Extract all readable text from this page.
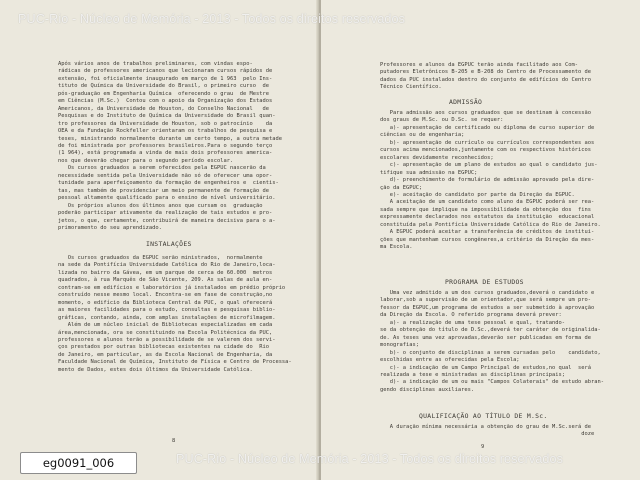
Após vários anos de trabalhos preliminares, com vindas espo-
rádicas de professores americanos que lecionaram cursos rápidos de
extensão, foi oficialmente inaugurado em março de 1 963  pelo Ins-
tituto de Química da Universidade do Brasil, o primeiro curso  de
pós-graduação em Engenharia Química  oferecendo o grau  de Mestre
em Ciências (M.Sc.)  Contou com o apoio da Organização dos Estados
Americanos, da Universidade de Houston, do Conselho Nacional   de
Pesquisas e do Instituto de Química da Universidade do Brasil quan-
tro professores da Universidade de Houston, sob o patrocínio    da
OEA e da Fundação Rockfeller orientaram os trabalhos de pesquisa e
teses, ministrando normalmente durante um certo tempo, a outra metade
de foi ministrada por professores brasileiros.Para o segundo terço
(1 964), está programada a vinda de mais dois professores america-
nos que deverão chegar para o segundo período escolar.
Os cursos graduados a serem oferecidos pela EGPUC nascerão da
necessidade sentida pela Universidade não só de oferecer uma opor-
tunidade para aperfeiçoamento da formação de engenheiros e  cientis-
tas, mas também de providenciar um meio permanente de formação de
pessoal altamente qualificado para o ensino de nível universitário.
Os próprios alunos dos últimos anos que cursam os  graduação
poderão participar ativamente da realização de tais estudos e pro-
jetos, o que, certamente, contribuirá de maneira decisiva para o a-
primoramento do seu aprendizado.
INSTALAÇÕES
Os cursos graduados da EGPUC serão ministrados,  normalmente
na sede da Pontifícia Universidade Católica do Rio de Janeiro,loca-
lizada no bairro da Gávea, em um parque de cerca de 60.000  metros
quadrados, à rua Marquês de São Vicente, 209. As salas de aula en-
contram-se em edifícios e laboratórios já instalados em prédio próprio
construído nesse mesmo local. Encontra-se em fase de construção,no
momento, o edifício da Biblioteca Central da PUC, o qual oferecerá
as maiores facilidades para o estudo, consultas e pesquisas biblio-
gráficas, contando, ainda, com amplas instalações de microfilmagem.
Além de um núcleo inicial de Bibliotecas especializadas em cada
área,mencionada, ora se constituindo na Escola Politécnica da PUC,
professores e alunos terão a possibilidade de se valerem dos servi-
ços prestados por outras bibliotecas existentes na cidade do  Rio
de Janeiro, em particular, as da Escola Nacional de Engenharia, da
Faculdade Nacional de Química, Instituto de Física e Centro de Processa-
mento de Dados, estes dois últimos da Universidade Católica.
8
Professores e alunos da EGPUC terão ainda facilitado aos Com-
putadores Eletrônicos B-205 e B-208 do Centro de Processamento de
dados da PUC instalados dentro do conjunto de edifícios do Centro
Técnico Científico.
ADMISSÃO
Para admissão aos cursos graduados que se destinam à concessão
dos graus de M.Sc. ou D.Sc. se requer:
a)- apresentação de certificado ou diploma de curso superior de
ciências ou de engenharia;
b)- apresentação de currículo ou currículos correspondentes aos
cursos acima mencionados,juntamente com os respectivos históricos
escolares devidamente reconhecidos;
c)- apresentação de um plano de estudos ao qual o candidato jus-
tifique sua admissão na EGPUC;
d)- preenchimento de formulário de admissão aprovado pela dire-
ção da EGPUC;
e)- aceitação do candidato por parte da Direção da EGPUC.
A aceitação de um candidato como aluno da EGPUC poderá ser rea-
sada sempre que implique na impossibilidade da obtenção dos  fins
expressamente declarados nos estatutos da instituição  educacional
constituída pela Pontifícia Universidade Católica do Rio de Janeiro.
A EGPUC poderá aceitar a transferência de créditos de institui-
ções que mantenham cursos congêneres,a critério da Direção da mes-
ma Escola.
PROGRAMA DE ESTUDOS
Uma vez admitido a um dos cursos graduados,deverá o candidato e
laborar,sob a supervisão de um orientador,que será sempre um pro-
fessor da EGPUC,um programa de estudos a ser submetido à aprovação
da Direção da Escola. O referido programa deverá prever:
a)- a realização de uma tese pessoal e qual, tratando-
se da obtenção do título de D.Sc.,deverá ter caráter de originalida-
de. As teses uma vez aprovadas,deverão ser publicadas em forma de
monografias;
b)- o conjunto de disciplinas a serem cursadas pelo    candidato,
escolhidas entre as oferecidas pela Escola;
c)- a indicação de um Campo Principal de estudos,no qual  será
realizada a tese e ministradas as disciplinas principais;
d)- a indicação de um ou mais "Campos Colaterais" de estudo abran-
gendo disciplinas auxiliares.
QUALIFICAÇÃO AO TÍTULO DE M.Sc.
A duração mínima necessária a obtenção do grau de M.Sc.será de
doze
9
PUC-Rio - Núcleo de Memória - 2013 - Todos os direitos reservados
PUC-Rio - Núcleo de Memória - 2013 - Todos os direitos reservados
eg0091_006
